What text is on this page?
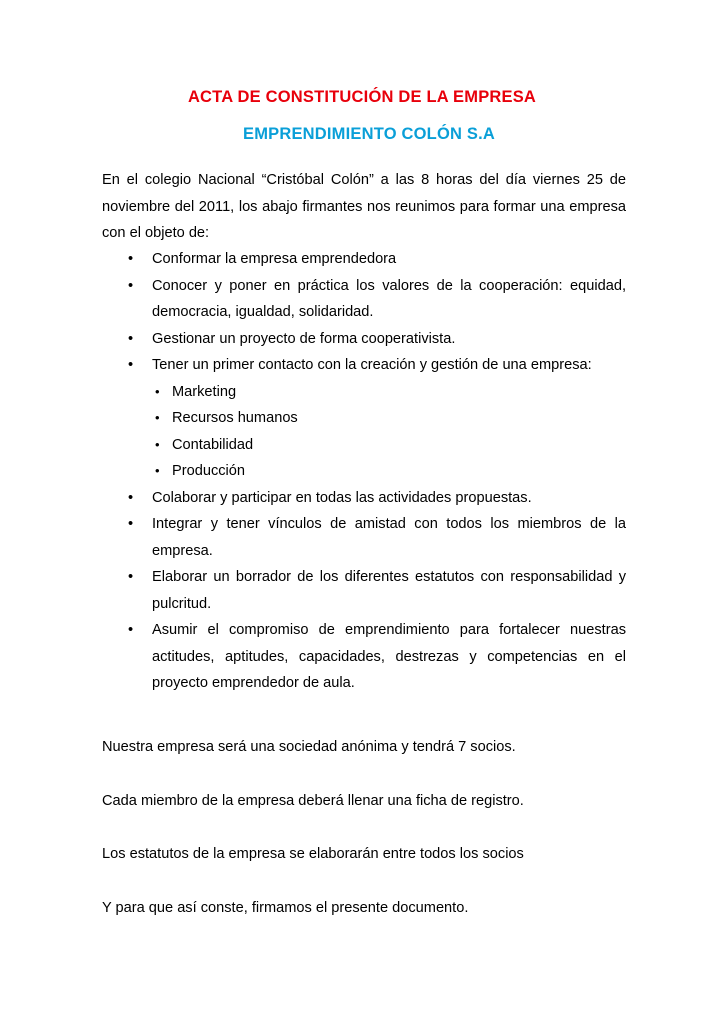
ACTA DE CONSTITUCIÓN DE LA EMPRESA
EMPRENDIMIENTO COLÓN S.A
En el colegio Nacional “Cristóbal Colón” a las 8 horas del día viernes 25 de
noviembre del 2011, los abajo firmantes nos reunimos para formar una empresa
con el objeto de:
• Conformar la empresa emprendedora
• Conocer y poner en práctica los valores de la cooperación: equidad,
democracia, igualdad, solidaridad.
• Gestionar un proyecto de forma cooperativista.
• Tener un primer contacto con la creación y gestión de una empresa:
• Marketing
• Recursos humanos
• Contabilidad
• Producción
• Colaborar y participar en todas las actividades propuestas.
• Integrar y tener vínculos de amistad con todos los miembros de la
empresa.
• Elaborar un borrador de los diferentes estatutos con responsabilidad y
pulcritud.
• Asumir el compromiso de emprendimiento para fortalecer nuestras
actitudes, aptitudes, capacidades, destrezas y competencias en el
proyecto emprendedor de aula.
Nuestra empresa será una sociedad anónima y tendrá 7 socios.
Cada miembro de la empresa deberá llenar una ficha de registro.
Los estatutos de la empresa se elaborarán entre todos los socios
Y para que así conste, firmamos el presente documento.
